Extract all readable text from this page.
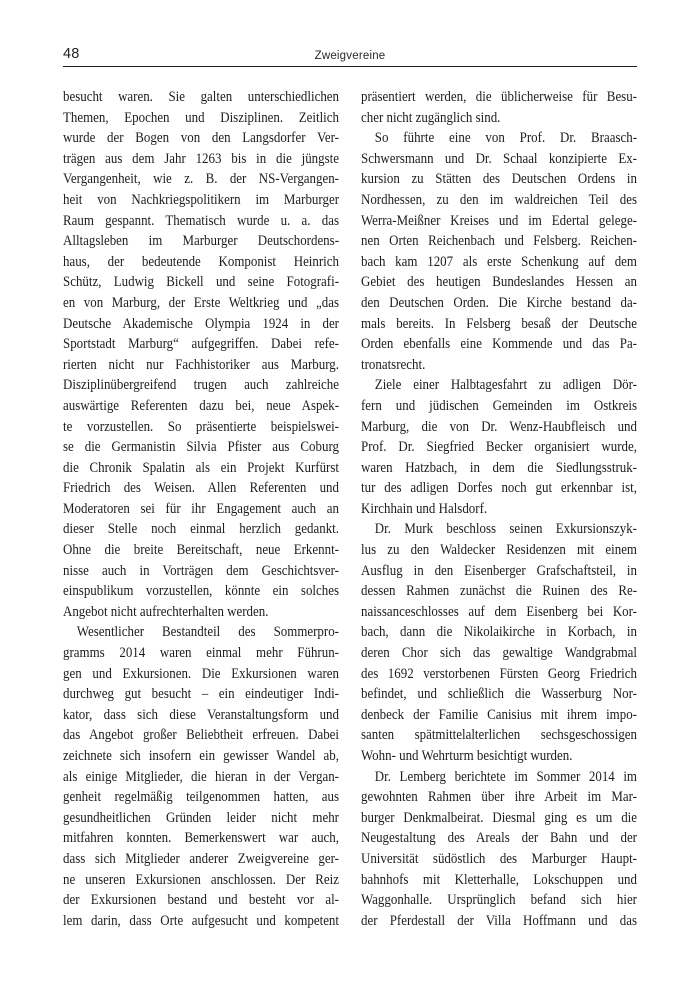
48	Zweigvereine
besucht waren. Sie galten unterschiedlichen
Themen, Epochen und Disziplinen. Zeitlich
wurde der Bogen von den Langsdorfer Ver-
trägen aus dem Jahr 1263 bis in die jüngste
Vergangenheit, wie z. B. der NS-Vergangen-
heit von Nachkriegspolitikern im Marburger
Raum gespannt. Thematisch wurde u. a. das
Alltagsleben im Marburger Deutschordens-
haus, der bedeutende Komponist Heinrich
Schütz, Ludwig Bickell und seine Fotografi-
en von Marburg, der Erste Weltkrieg und „das
Deutsche Akademische Olympia 1924 in der
Sportstadt Marburg“ aufgegriffen. Dabei refe-
rierten nicht nur Fachhistoriker aus Marburg.
Disziplinübergreifend trugen auch zahlreiche
auswärtige Referenten dazu bei, neue Aspek-
te vorzustellen. So präsentierte beispielswei-
se die Germanistin Silvia Pfister aus Coburg
die Chronik Spalatin als ein Projekt Kurfürst
Friedrich des Weisen. Allen Referenten und
Moderatoren sei für ihr Engagement auch an
dieser Stelle noch einmal herzlich gedankt.
Ohne die breite Bereitschaft, neue Erkennt-
nisse auch in Vorträgen dem Geschichtsver-
einspublikum vorzustellen, könnte ein solches
Angebot nicht aufrechterhalten werden.
Wesentlicher Bestandteil des Sommerpro-
gramms 2014 waren einmal mehr Führun-
gen und Exkursionen. Die Exkursionen waren
durchweg gut besucht – ein eindeutiger Indi-
kator, dass sich diese Veranstaltungsform und
das Angebot großer Beliebtheit erfreuen. Dabei
zeichnete sich insofern ein gewisser Wandel ab,
als einige Mitglieder, die hieran in der Vergan-
genheit regelmäßig teilgenommen hatten, aus
gesundheitlichen Gründen leider nicht mehr
mitfahren konnten. Bemerkenswert war auch,
dass sich Mitglieder anderer Zweigvereine ger-
ne unseren Exkursionen anschlossen. Der Reiz
der Exkursionen bestand und besteht vor al-
lem darin, dass Orte aufgesucht und kompetent
präsentiert werden, die üblicherweise für Besu-
cher nicht zugänglich sind.
So führte eine von Prof. Dr. Braasch-
Schwersmann und Dr. Schaal konzipierte Ex-
kursion zu Stätten des Deutschen Ordens in
Nordhessen, zu den im waldreichen Teil des
Werra-Meißner Kreises und im Edertal gelege-
nen Orten Reichenbach und Felsberg. Reichen-
bach kam 1207 als erste Schenkung auf dem
Gebiet des heutigen Bundeslandes Hessen an
den Deutschen Orden. Die Kirche bestand da-
mals bereits. In Felsberg besaß der Deutsche
Orden ebenfalls eine Kommende und das Pa-
tronatsrecht.
Ziele einer Halbtagesfahrt zu adligen Dör-
fern und jüdischen Gemeinden im Ostkreis
Marburg, die von Dr. Wenz-Haubfleisch und
Prof. Dr. Siegfried Becker organisiert wurde,
waren Hatzbach, in dem die Siedlungsstruk-
tur des adligen Dorfes noch gut erkennbar ist,
Kirchhain und Halsdorf.
Dr. Murk beschloss seinen Exkursionszyk-
lus zu den Waldecker Residenzen mit einem
Ausflug in den Eisenberger Grafschaftsteil, in
dessen Rahmen zunächst die Ruinen des Re-
naissanceschlosses auf dem Eisenberg bei Kor-
bach, dann die Nikolaikirche in Korbach, in
deren Chor sich das gewaltige Wandgrabmal
des 1692 verstorbenen Fürsten Georg Friedrich
befindet, und schließlich die Wasserburg Nor-
denbeck der Familie Canisius mit ihrem impo-
santen spätmittelalterlichen sechsgeschossigen
Wohn- und Wehrturm besichtigt wurden.
Dr. Lemberg berichtete im Sommer 2014 im
gewohnten Rahmen über ihre Arbeit im Mar-
burger Denkmalbeirat. Diesmal ging es um die
Neugestaltung des Areals der Bahn und der
Universität südöstlich des Marburger Haupt-
bahnhofs mit Kletterhalle, Lokschuppen und
Waggonhalle. Ursprünglich befand sich hier
der Pferdestall der Villa Hoffmann und das
